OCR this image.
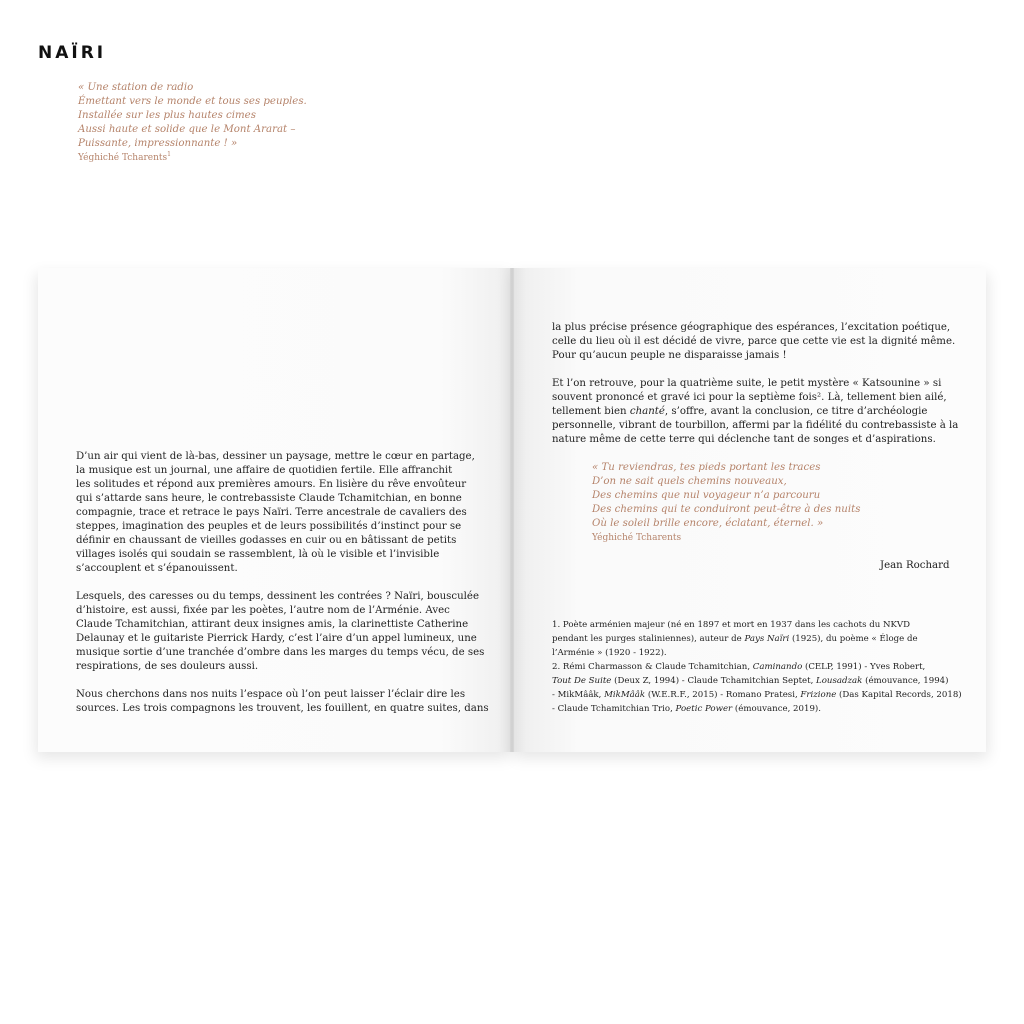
NAÏRI
« Une station de radio
Émettant vers le monde et tous ses peuples.
Installée sur les plus hautes cimes
Aussi haute et solide que le Mont Ararat –
Puissante, impressionnante ! »
Yéghiché Tcharents$^1$

D’un air qui vient de là-bas, dessiner un paysage, mettre le cœur en partage,
la musique est un journal, une affaire de quotidien fertile. Elle affranchit
les solitudes et répond aux premières amours. En lisière du rêve envoûteur
qui s’attarde sans heure, le contrebassiste Claude Tchamitchian, en bonne
compagnie, trace et retrace le pays Naïri. Terre ancestrale de cavaliers des
steppes, imagination des peuples et de leurs possibilités d’instinct pour se
définir en chaussant de vieilles godasses en cuir ou en bâtissant de petits
villages isolés qui soudain se rassemblent, là où le visible et l’invisible
s’accouplent et s’épanouissent.

Lesquels, des caresses ou du temps, dessinent les contrées ? Naïri, bousculée
d’histoire, est aussi, fixée par les poètes, l’autre nom de l’Arménie. Avec
Claude Tchamitchian, attirant deux insignes amis, la clarinettiste Catherine
Delaunay et le guitariste Pierrick Hardy, c’est l’aire d’un appel lumineux, une
musique sortie d’une tranchée d’ombre dans les marges du temps vécu, de ses
respirations, de ses douleurs aussi.

Nous cherchons dans nos nuits l’espace où l’on peut laisser l’éclair dire les
sources. Les trois compagnons les trouvent, les fouillent, en quatre suites, dans

la plus précise présence géographique des espérances, l’excitation poétique,
celle du lieu où il est décidé de vivre, parce que cette vie est la dignité même.
Pour qu’aucun peuple ne disparaisse jamais !

Et l’on retrouve, pour la quatrième suite, le petit mystère « Katsounine » si
souvent prononcé et gravé ici pour la septième fois². Là, tellement bien ailé,
tellement bien chanté, s’offre, avant la conclusion, ce titre d’archéologie
personnelle, vibrant de tourbillon, affermi par la fidélité du contrebassiste à la
nature même de cette terre qui déclenche tant de songes et d’aspirations.

« Tu reviendras, tes pieds portant les traces
D’on ne sait quels chemins nouveaux,
Des chemins que nul voyageur n’a parcouru
Des chemins qui te conduiront peut-être à des nuits
Où le soleil brille encore, éclatant, éternel. »
Yéghiché Tcharents
Jean Rochard
1. Poète arménien majeur (né en 1897 et mort en 1937 dans les cachots du NKVD
pendant les purges staliniennes), auteur de Pays Naïri (1925), du poème « Éloge de
l’Arménie » (1920 - 1922).
2. Rémi Charmasson & Claude Tchamitchian, Caminando (CELP, 1991) - Yves Robert,
Tout De Suite (Deux Z, 1994) - Claude Tchamitchian Septet, Lousadzak (émouvance, 1994)
- MikMââk, MikMââk (W.E.R.F., 2015) - Romano Pratesi, Frizione (Das Kapital Records, 2018)
- Claude Tchamitchian Trio, Poetic Power (émouvance, 2019).
